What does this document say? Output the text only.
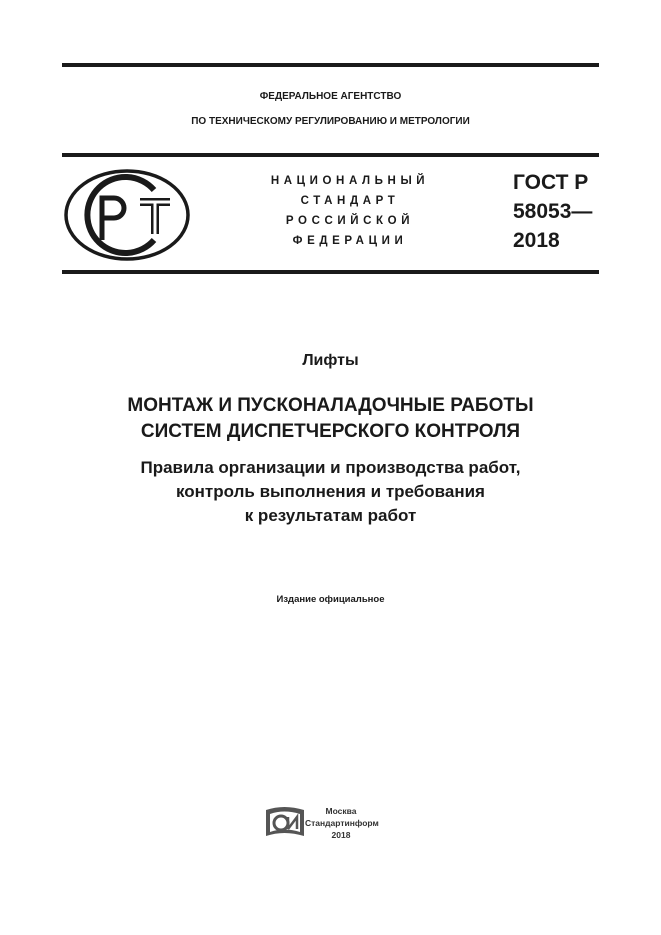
ФЕДЕРАЛЬНОЕ АГЕНТСТВО
ПО ТЕХНИЧЕСКОМУ РЕГУЛИРОВАНИЮ И МЕТРОЛОГИИ
НАЦИОНАЛЬНЫЙ
СТАНДАРТ
РОССИЙСКОЙ
ФЕДЕРАЦИИ
ГОСТ Р
58053—
2018
Лифты
МОНТАЖ И ПУСКОНАЛАДОЧНЫЕ РАБОТЫ
СИСТЕМ ДИСПЕТЧЕРСКОГО КОНТРОЛЯ
Правила организации и производства работ,
контроль выполнения и требования
к результатам работ
Издание официальное
Москва
Стандартинформ
2018
